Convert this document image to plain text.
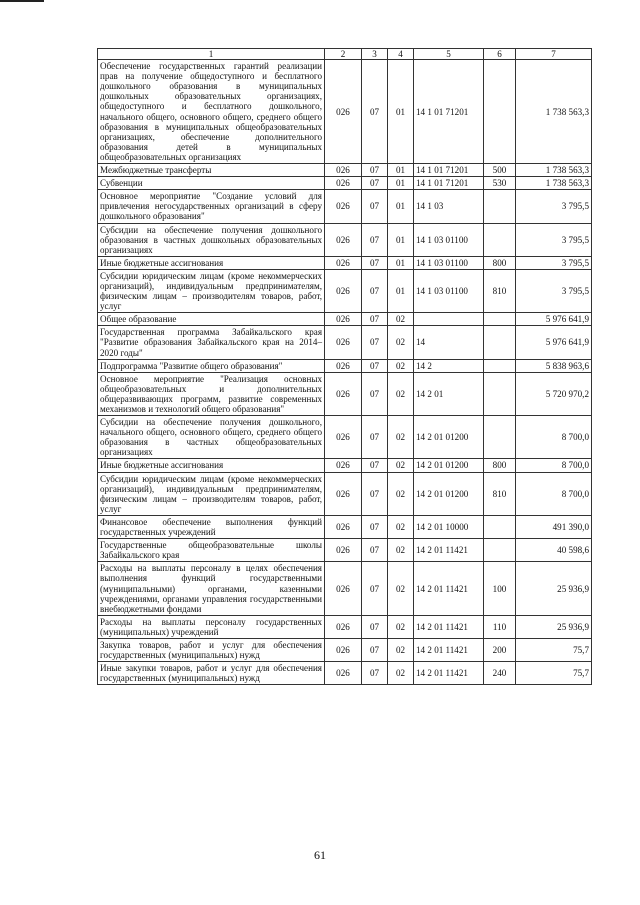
1	2	3	4	5	6	7
Обеспечение государственных гарантий реализации прав на получение общедоступного и бесплатного дошкольного образования в муниципальных дошкольных образовательных организациях, общедоступного и бесплатного дошкольного, начального общего, основного общего, среднего общего образования в муниципальных общеобразовательных организациях, обеспечение дополнительного образования детей в муниципальных общеобразовательных организациях	026	07	01	14 1 01 71201		1 738 563,3
Межбюджетные трансферты	026	07	01	14 1 01 71201	500	1 738 563,3
Субвенции	026	07	01	14 1 01 71201	530	1 738 563,3
Основное мероприятие "Создание условий для привлечения негосударственных организаций в сферу дошкольного образования"	026	07	01	14 1 03		3 795,5
Субсидии на обеспечение получения дошкольного образования в частных дошкольных образовательных организациях	026	07	01	14 1 03 01100		3 795,5
Иные бюджетные ассигнования	026	07	01	14 1 03 01100	800	3 795,5
Субсидии юридическим лицам (кроме некоммерческих организаций), индивидуальным предпринимателям, физическим лицам – производителям товаров, работ, услуг	026	07	01	14 1 03 01100	810	3 795,5
Общее образование	026	07	02			5 976 641,9
Государственная программа Забайкальского края "Развитие образования Забайкальского края на 2014–2020 годы"	026	07	02	14		5 976 641,9
Подпрограмма "Развитие общего образования"	026	07	02	14 2		5 838 963,6
Основное мероприятие "Реализация основных общеобразовательных и дополнительных общеразвивающих программ, развитие современных механизмов и технологий общего образования"	026	07	02	14 2 01		5 720 970,2
Субсидии на обеспечение получения дошкольного, начального общего, основного общего, среднего общего образования в частных общеобразовательных организациях	026	07	02	14 2 01 01200		8 700,0
Иные бюджетные ассигнования	026	07	02	14 2 01 01200	800	8 700,0
Субсидии юридическим лицам (кроме некоммерческих организаций), индивидуальным предпринимателям, физическим лицам – производителям товаров, работ, услуг	026	07	02	14 2 01 01200	810	8 700,0
Финансовое обеспечение выполнения функций государственных учреждений	026	07	02	14 2 01 10000		491 390,0
Государственные общеобразовательные школы Забайкальского края	026	07	02	14 2 01 11421		40 598,6
Расходы на выплаты персоналу в целях обеспечения выполнения функций государственными (муниципальными) органами, казенными учреждениями, органами управления государственными внебюджетными фондами	026	07	02	14 2 01 11421	100	25 936,9
Расходы на выплаты персоналу государственных (муниципальных) учреждений	026	07	02	14 2 01 11421	110	25 936,9
Закупка товаров, работ и услуг для обеспечения государственных (муниципальных) нужд	026	07	02	14 2 01 11421	200	75,7
Иные закупки товаров, работ и услуг для обеспечения государственных (муниципальных) нужд	026	07	02	14 2 01 11421	240	75,7
61
